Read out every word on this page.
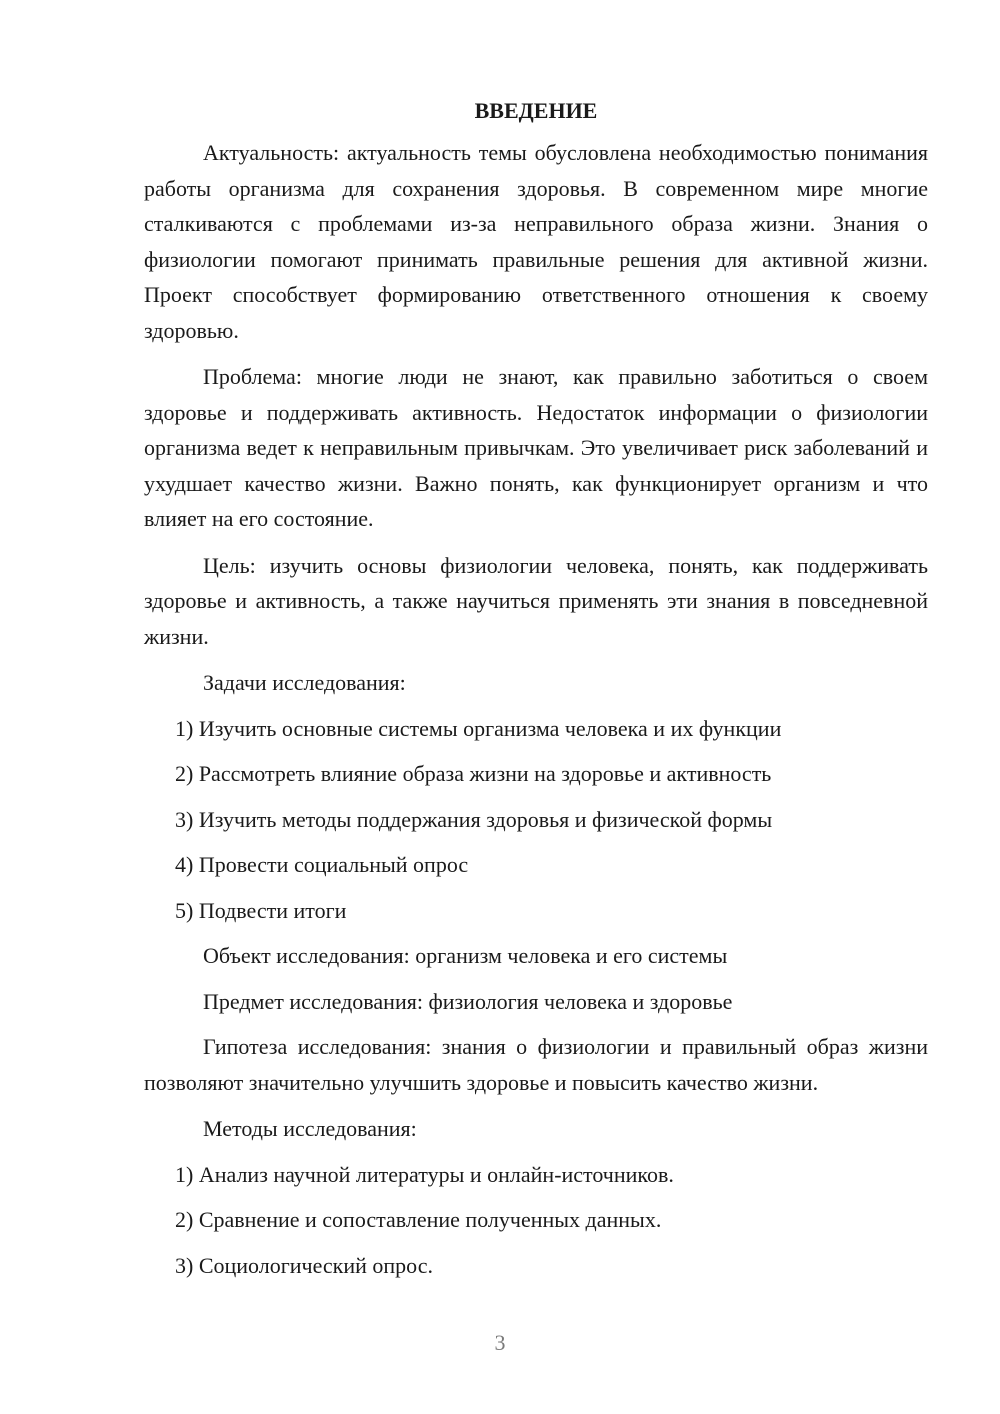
ВВЕДЕНИЕ

Актуальность: актуальность темы обусловлена необходимостью понимания работы организма для сохранения здоровья. В современном мире многие сталкиваются с проблемами из-за неправильного образа жизни. Знания о физиологии помогают принимать правильные решения для активной жизни. Проект способствует формированию ответственного отношения к своему здоровью.

Проблема: многие люди не знают, как правильно заботиться о своем здоровье и поддерживать активность. Недостаток информации о физиологии организма ведет к неправильным привычкам. Это увеличивает риск заболеваний и ухудшает качество жизни. Важно понять, как функционирует организм и что влияет на его состояние.

Цель: изучить основы физиологии человека, понять, как поддерживать здоровье и активность, а также научиться применять эти знания в повседневной жизни.

Задачи исследования:

1) Изучить основные системы организма человека и их функции

2) Рассмотреть влияние образа жизни на здоровье и активность

3) Изучить методы поддержания здоровья и физической формы

4) Провести социальный опрос

5) Подвести итоги

Объект исследования: организм человека и его системы

Предмет исследования: физиология человека и здоровье

Гипотеза исследования: знания о физиологии и правильный образ жизни позволяют значительно улучшить здоровье и повысить качество жизни.

Методы исследования:

1) Анализ научной литературы и онлайн-источников.

2) Сравнение и сопоставление полученных данных.

3) Социологический опрос.

3
